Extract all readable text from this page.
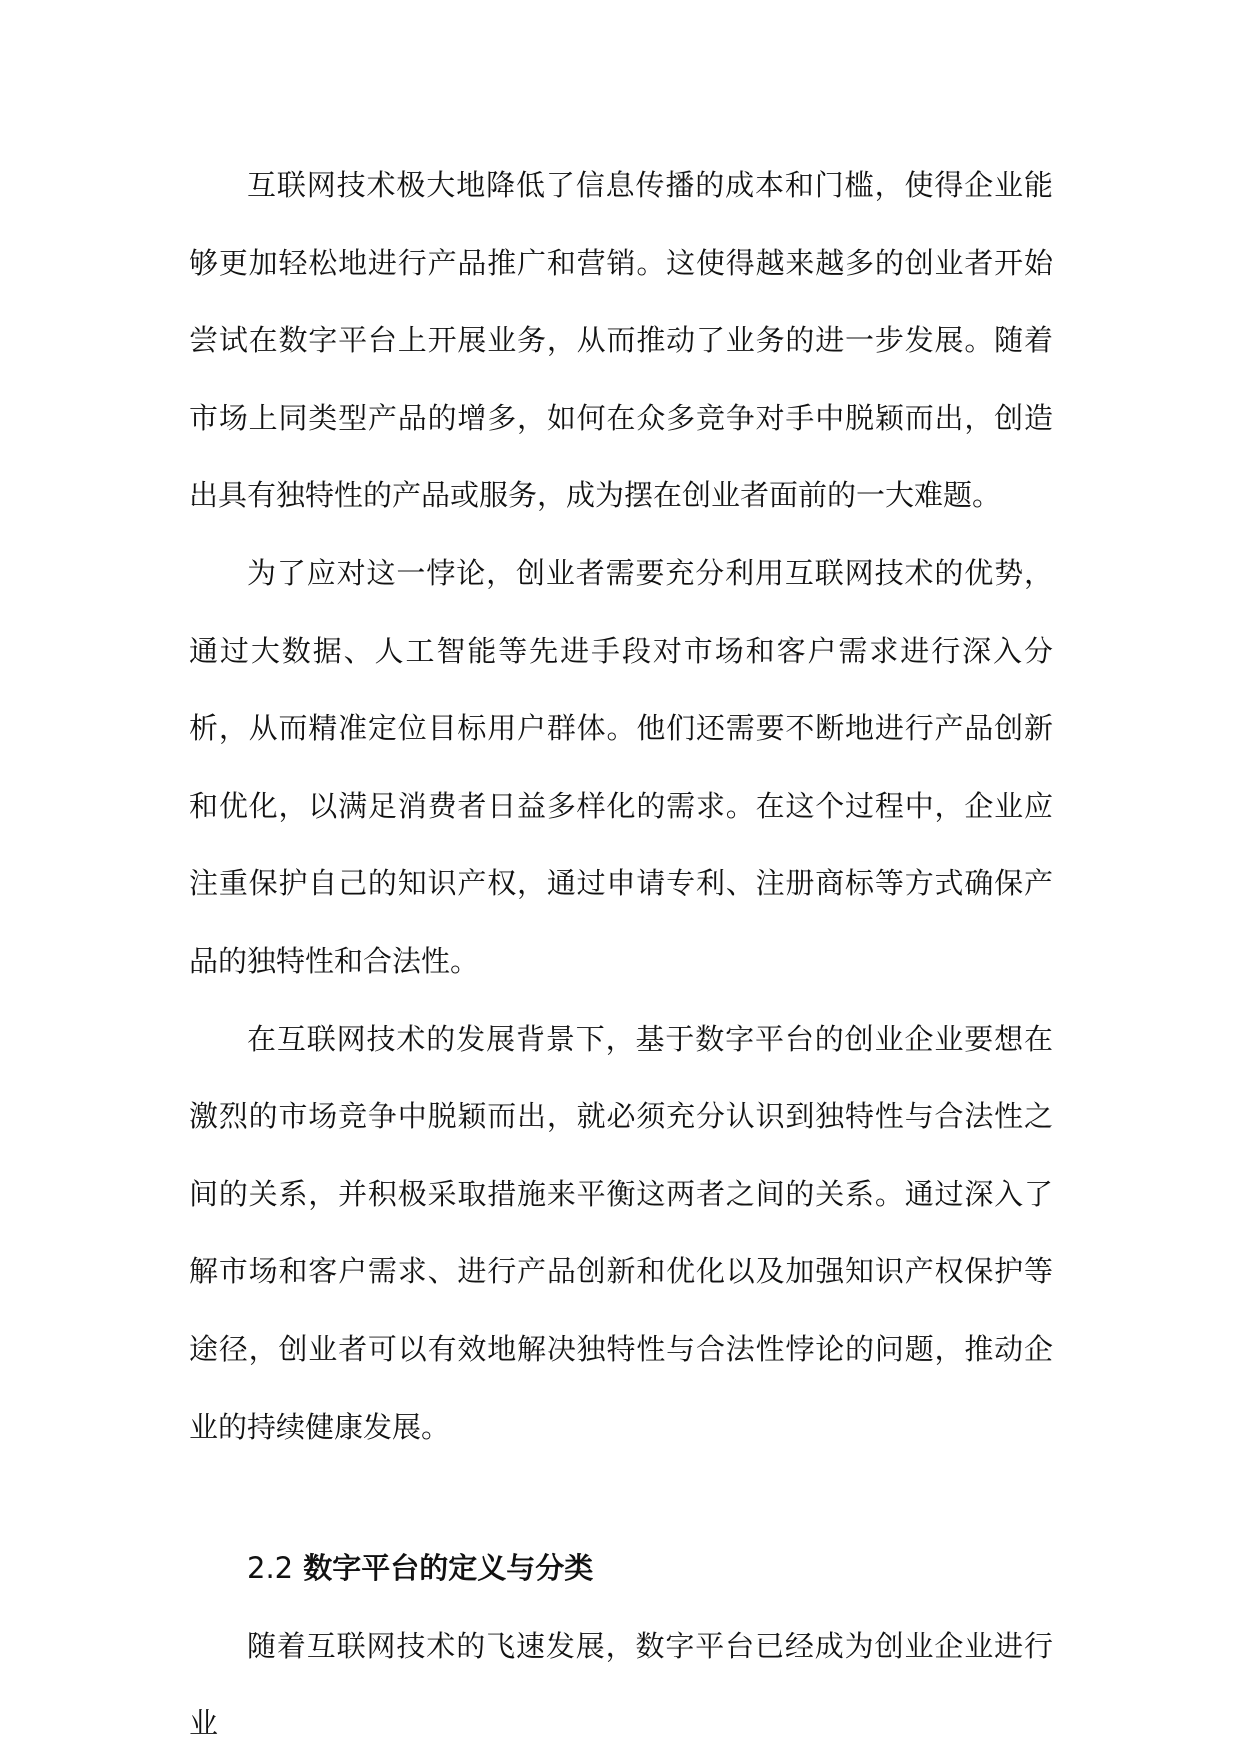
互联网技术极大地降低了信息传播的成本和门槛，使得企业能够更加轻松地进行产品推广和营销。这使得越来越多的创业者开始尝试在数字平台上开展业务，从而推动了业务的进一步发展。随着市场上同类型产品的增多，如何在众多竞争对手中脱颖而出，创造出具有独特性的产品或服务，成为摆在创业者面前的一大难题。

为了应对这一悖论，创业者需要充分利用互联网技术的优势，通过大数据、人工智能等先进手段对市场和客户需求进行深入分析，从而精准定位目标用户群体。他们还需要不断地进行产品创新和优化，以满足消费者日益多样化的需求。在这个过程中，企业应注重保护自己的知识产权，通过申请专利、注册商标等方式确保产品的独特性和合法性。

在互联网技术的发展背景下，基于数字平台的创业企业要想在激烈的市场竞争中脱颖而出，就必须充分认识到独特性与合法性之间的关系，并积极采取措施来平衡这两者之间的关系。通过深入了解市场和客户需求、进行产品创新和优化以及加强知识产权保护等途径，创业者可以有效地解决独特性与合法性悖论的问题，推动企业的持续健康发展。

2.2 数字平台的定义与分类

随着互联网技术的飞速发展，数字平台已经成为创业企业进行业
